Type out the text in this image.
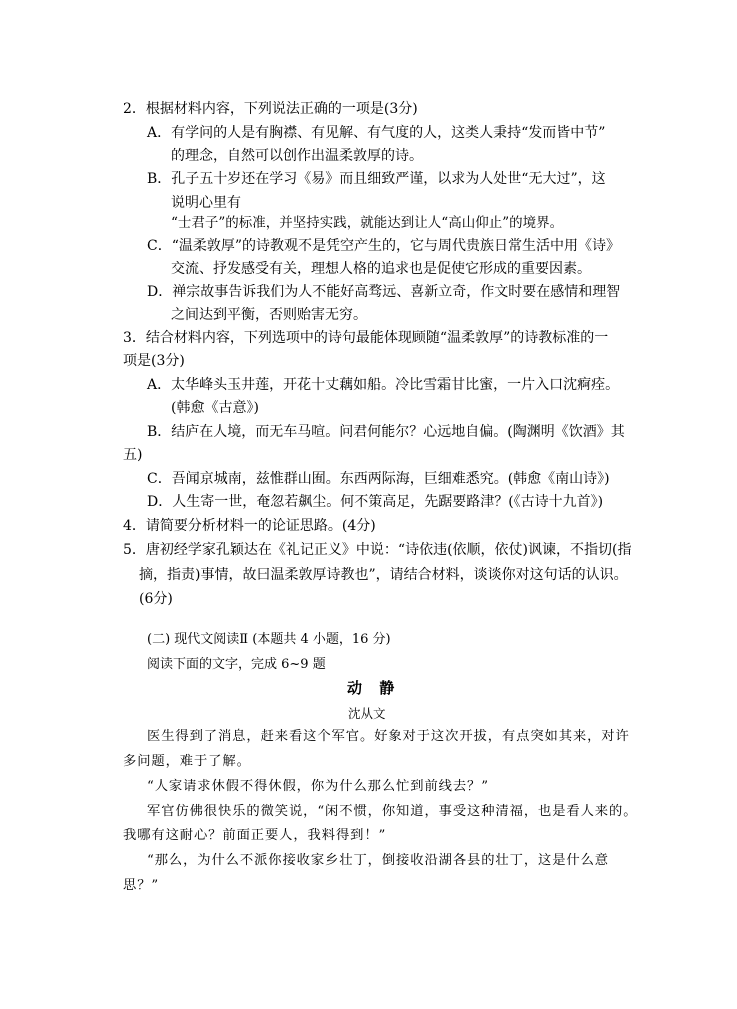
2．根据材料内容，下列说法正确的一项是(3分)
A．有学问的人是有胸襟、有见解、有气度的人，这类人秉持“发而皆中节”
的理念，自然可以创作出温柔敦厚的诗。
B．孔子五十岁还在学习《易》而且细致严谨，以求为人处世“无大过”，这
说明心里有
“士君子”的标准，并坚持实践，就能达到让人“高山仰止”的境界。
C．“温柔敦厚”的诗教观不是凭空产生的，它与周代贵族日常生活中用《诗》
交流、抒发感受有关，理想人格的追求也是促使它形成的重要因素。
D．禅宗故事告诉我们为人不能好高骛远、喜新立奇，作文时要在感情和理智
之间达到平衡，否则贻害无穷。
3．结合材料内容，下列选项中的诗句最能体现顾随“温柔敦厚”的诗教标准的一
项是(3分)
A．太华峰头玉井莲，开花十丈藕如船。冷比雪霜甘比蜜，一片入口沈痾痊。
(韩愈《古意》)
B．结庐在人境，而无车马喧。问君何能尔？心远地自偏。(陶渊明《饮酒》其
五)
C．吾闻京城南，兹惟群山囿。东西两际海，巨细难悉究。(韩愈《南山诗》)
D．人生寄一世，奄忽若飙尘。何不策高足，先踞要路津？(《古诗十九首》)
4．请简要分析材料一的论证思路。(4分)
5．唐初经学家孔颖达在《礼记正义》中说：“诗依违(依顺，依仗)讽谏，不指切(指
摘，指责)事情，故曰温柔敦厚诗教也”，请结合材料，谈谈你对这句话的认识。
(6分)
(二) 现代文阅读Ⅱ (本题共 4 小题，16 分)
阅读下面的文字，完成 6~9 题
动 静
沈从文
医生得到了消息，赶来看这个军官。好象对于这次开拔，有点突如其来，对许
多问题，难于了解。
“人家请求休假不得休假，你为什么那么忙到前线去？”
军官仿佛很快乐的微笑说，“闲不惯，你知道，事受这种清福，也是看人来的。
我哪有这耐心？前面正要人，我料得到！”
“那么，为什么不派你接收家乡壮丁，倒接收沿湖各县的壮丁，这是什么意
思？”
